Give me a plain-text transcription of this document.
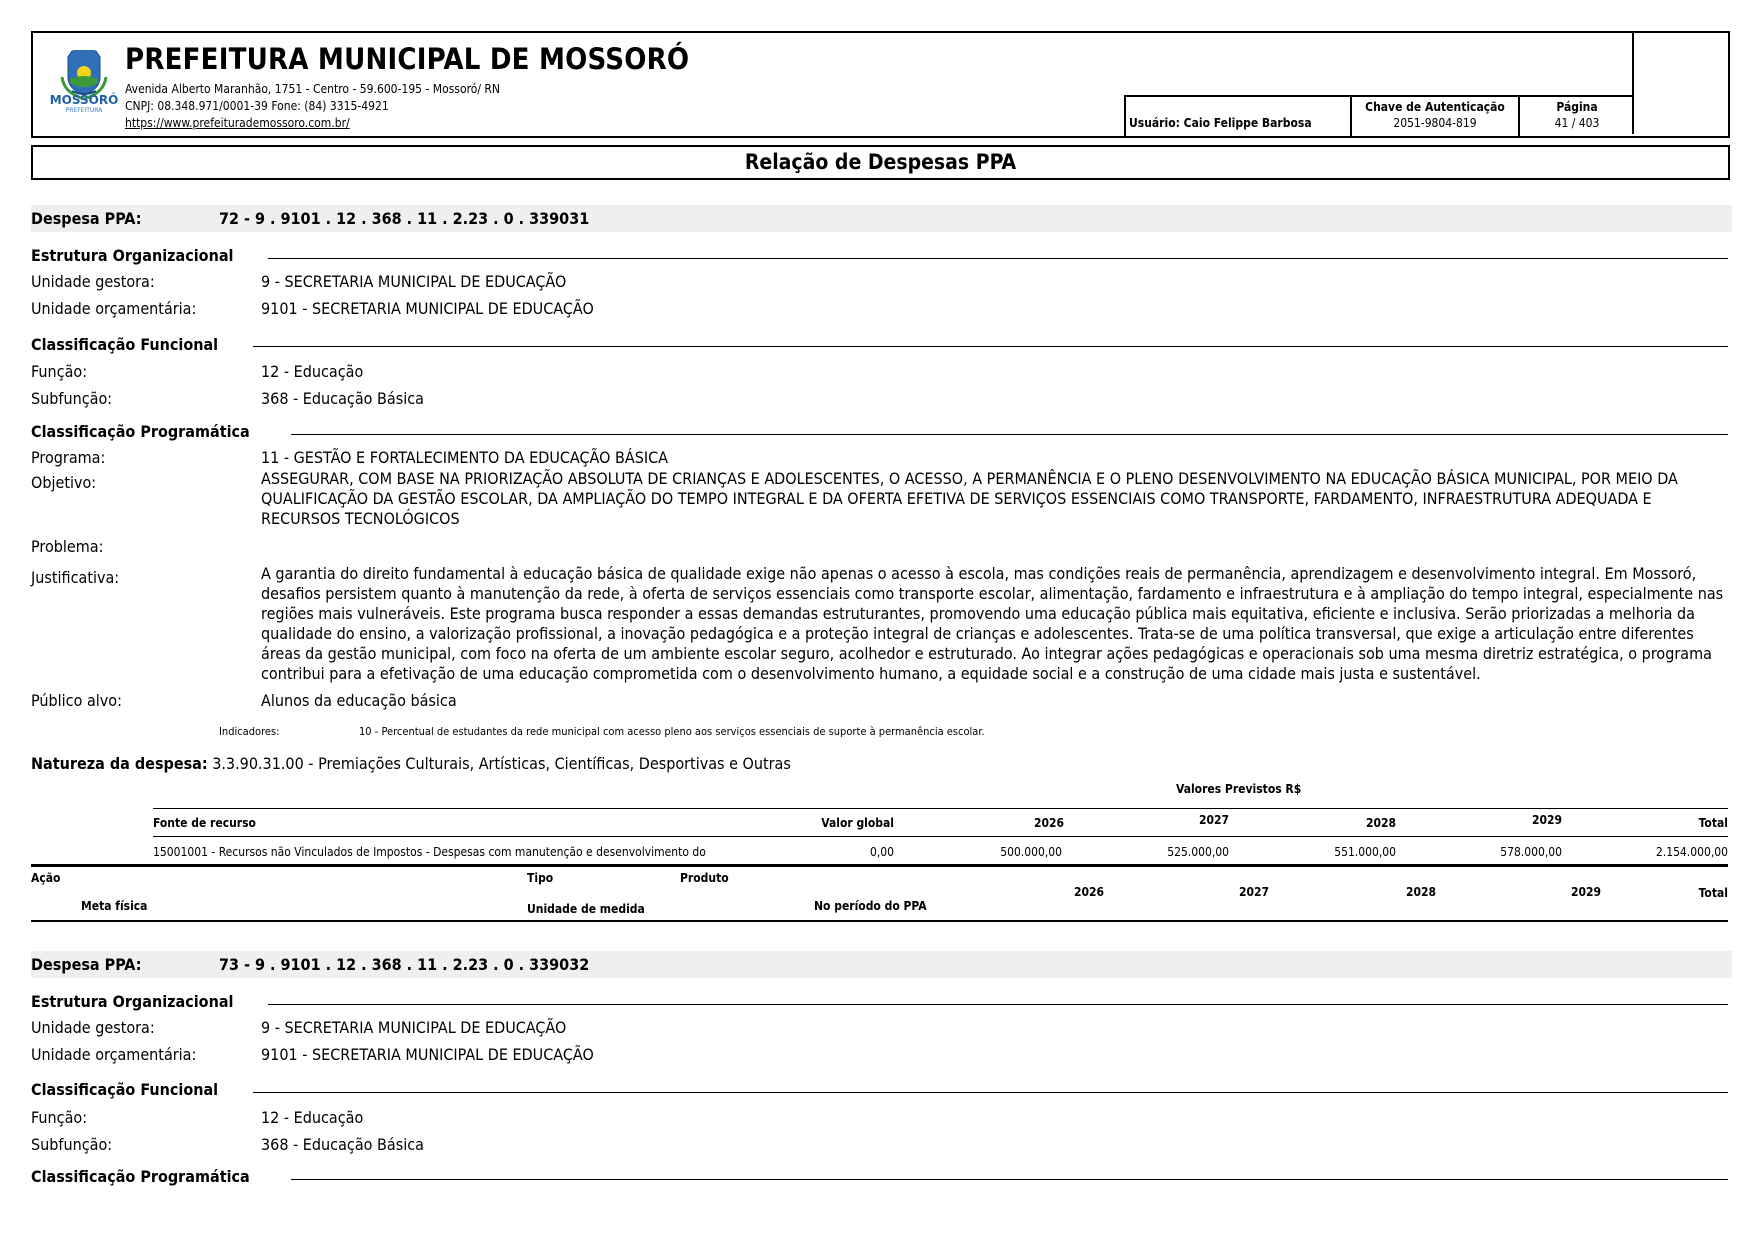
MOSSORÓ
PREFEITURA
PREFEITURA MUNICIPAL DE MOSSORÓ
Avenida Alberto Maranhão, 1751 - Centro - 59.600-195 - Mossoró/ RN
CNPJ: 08.348.971/0001-39 Fone: (84) 3315-4921
https://www.prefeiturademossoro.com.br/	Usuário: Caio Felippe Barbosa
Chave de Autenticação
2051-9804-819
Página
41 / 403
Relação de Despesas PPA
Despesa PPA:	72 - 9 . 9101 . 12 . 368 . 11 . 2.23 . 0 . 339031
Estrutura Organizacional
Unidade gestora:	9 - SECRETARIA MUNICIPAL DE EDUCAÇÃO
Unidade orçamentária:	9101 - SECRETARIA MUNICIPAL DE EDUCAÇÃO
Classificação Funcional
Função:	12 - Educação
Subfunção:	368 - Educação Básica
Classificação Programática
Programa:	11 - GESTÃO E FORTALECIMENTO DA EDUCAÇÃO BÁSICA
Objetivo:	ASSEGURAR, COM BASE NA PRIORIZAÇÃO ABSOLUTA DE CRIANÇAS E ADOLESCENTES, O ACESSO, A PERMANÊNCIA E O PLENO DESENVOLVIMENTO NA EDUCAÇÃO BÁSICA MUNICIPAL, POR MEIO DA QUALIFICAÇÃO DA GESTÃO ESCOLAR, DA AMPLIAÇÃO DO TEMPO INTEGRAL E DA OFERTA EFETIVA DE SERVIÇOS ESSENCIAIS COMO TRANSPORTE, FARDAMENTO, INFRAESTRUTURA ADEQUADA E RECURSOS TECNOLÓGICOS
Problema:
Justificativa:	A garantia do direito fundamental à educação básica de qualidade exige não apenas o acesso à escola, mas condições reais de permanência, aprendizagem e desenvolvimento integral. Em Mossoró, desafios persistem quanto à manutenção da rede, à oferta de serviços essenciais como transporte escolar, alimentação, fardamento e infraestrutura e à ampliação do tempo integral, especialmente nas regiões mais vulneráveis. Este programa busca responder a essas demandas estruturantes, promovendo uma educação pública mais equitativa, eficiente e inclusiva. Serão priorizadas a melhoria da qualidade do ensino, a valorização profissional, a inovação pedagógica e a proteção integral de crianças e adolescentes. Trata-se de uma política transversal, que exige a articulação entre diferentes áreas da gestão municipal, com foco na oferta de um ambiente escolar seguro, acolhedor e estruturado. Ao integrar ações pedagógicas e operacionais sob uma mesma diretriz estratégica, o programa contribui para a efetivação de uma educação comprometida com o desenvolvimento humano, a equidade social e a construção de uma cidade mais justa e sustentável.
Público alvo:	Alunos da educação básica
Indicadores:	10 - Percentual de estudantes da rede municipal com acesso pleno aos serviços essenciais de suporte à permanência escolar.
Natureza da despesa: 3.3.90.31.00 - Premiações Culturais, Artísticas, Científicas, Desportivas e Outras
Valores Previstos R$
Fonte de recurso	Valor global	2026	2027	2028	2029	Total
15001001 - Recursos não Vinculados de Impostos - Despesas com manutenção e desenvolvimento do	0,00	500.000,00	525.000,00	551.000,00	578.000,00	2.154.000,00
Ação	Tipo	Produto
Meta física	Unidade de medida	No período do PPA
2026	2027	2028	2029	Total
Despesa PPA:	73 - 9 . 9101 . 12 . 368 . 11 . 2.23 . 0 . 339032
Estrutura Organizacional
Unidade gestora:	9 - SECRETARIA MUNICIPAL DE EDUCAÇÃO
Unidade orçamentária:	9101 - SECRETARIA MUNICIPAL DE EDUCAÇÃO
Classificação Funcional
Função:	12 - Educação
Subfunção:	368 - Educação Básica
Classificação Programática
